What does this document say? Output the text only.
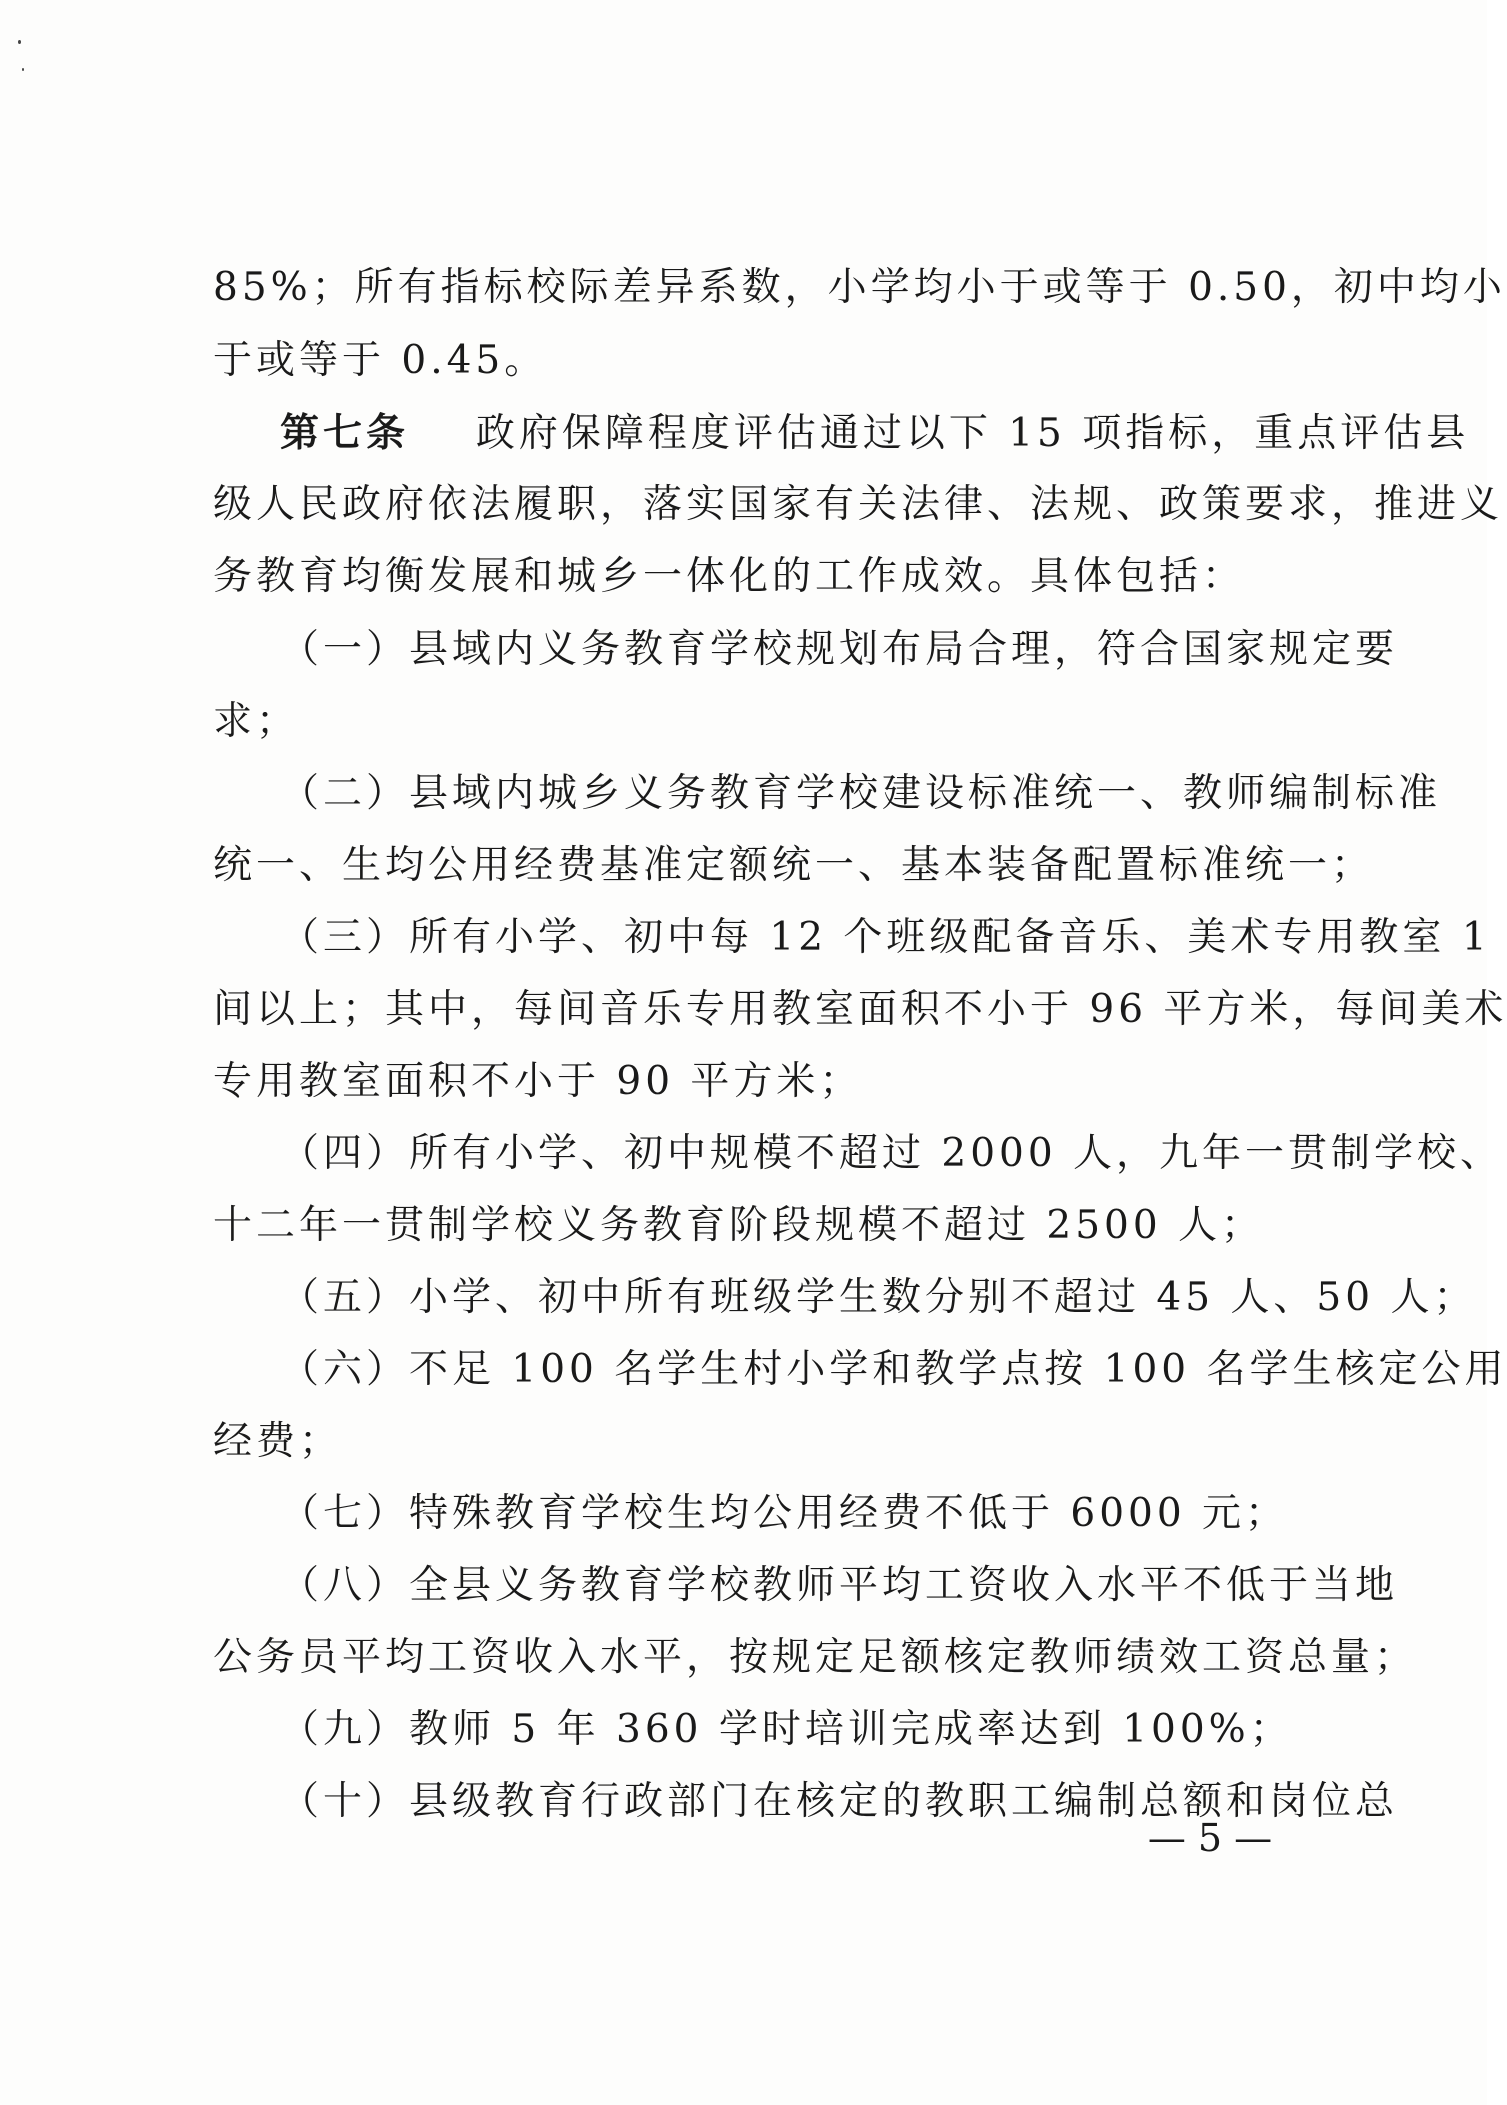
85%；所有指标校际差异系数，小学均小于或等于 0.50，初中均小
于或等于 0.45。
第七条 政府保障程度评估通过以下 15 项指标，重点评估县
级人民政府依法履职，落实国家有关法律、法规、政策要求，推进义
务教育均衡发展和城乡一体化的工作成效。具体包括：
（一）县域内义务教育学校规划布局合理，符合国家规定要
求；
（二）县域内城乡义务教育学校建设标准统一、教师编制标准
统一、生均公用经费基准定额统一、基本装备配置标准统一；
（三）所有小学、初中每 12 个班级配备音乐、美术专用教室 1
间以上；其中，每间音乐专用教室面积不小于 96 平方米，每间美术
专用教室面积不小于 90 平方米；
（四）所有小学、初中规模不超过 2000 人，九年一贯制学校、
十二年一贯制学校义务教育阶段规模不超过 2500 人；
（五）小学、初中所有班级学生数分别不超过 45 人、50 人；
（六）不足 100 名学生村小学和教学点按 100 名学生核定公用
经费；
（七）特殊教育学校生均公用经费不低于 6000 元；
（八）全县义务教育学校教师平均工资收入水平不低于当地
公务员平均工资收入水平，按规定足额核定教师绩效工资总量；
（九）教师 5 年 360 学时培训完成率达到 100%；
（十）县级教育行政部门在核定的教职工编制总额和岗位总
— 5 —
